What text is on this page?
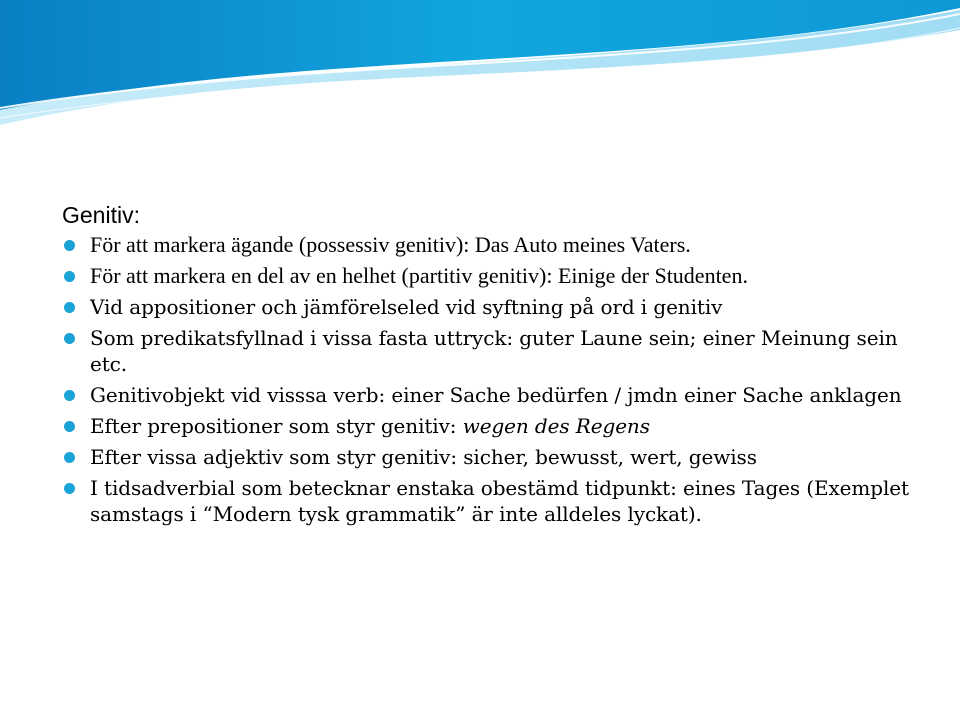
Genitiv:
För att markera ägande (possessiv genitiv): Das Auto meines Vaters.
För att markera en del av en helhet (partitiv genitiv): Einige der Studenten.
Vid appositioner och jämförelseled vid syftning på ord i genitiv
Som predikatsfyllnad i vissa fasta uttryck: guter Laune sein; einer Meinung sein etc.
Genitivobjekt vid visssa verb: einer Sache bedürfen / jmdn einer Sache anklagen
Efter prepositioner som styr genitiv: wegen des Regens
Efter vissa adjektiv som styr genitiv: sicher, bewusst, wert, gewiss
I tidsadverbial som betecknar enstaka obestämd tidpunkt: eines Tages (Exemplet samstags i “Modern tysk grammatik” är inte alldeles lyckat).
